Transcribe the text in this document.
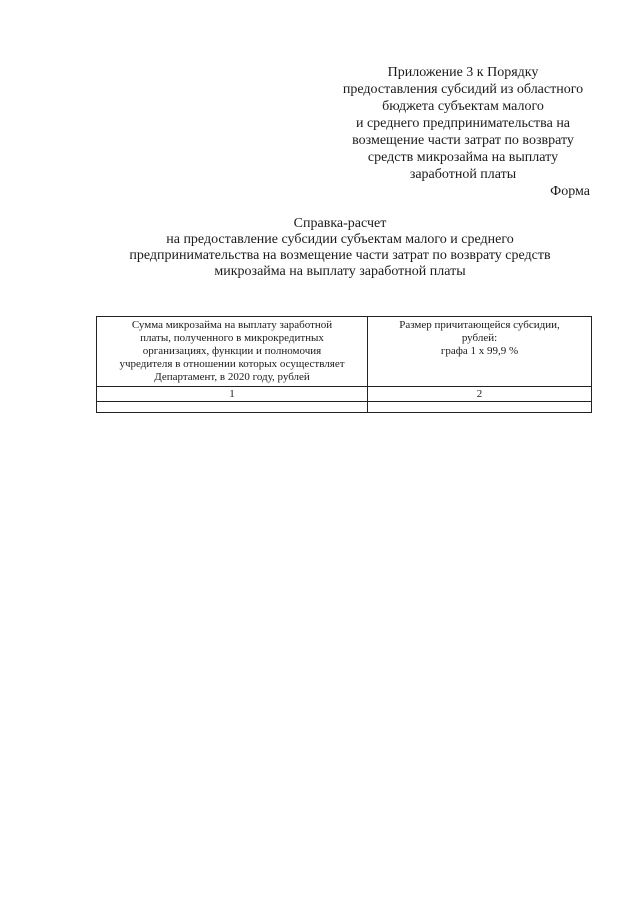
Приложение 3 к Порядку
предоставления субсидий из областного
бюджета субъектам малого
и среднего предпринимательства на
возмещение части затрат по возврату
средств микрозайма на выплату
заработной платы
Форма
Справка-расчет
на предоставление субсидии субъектам малого и среднего
предпринимательства на возмещение части затрат по возврату средств
микрозайма на выплату заработной платы
Сумма микрозайма на выплату заработной
платы, полученного в микрокредитных
организациях, функции и полномочия
учредителя в отношении которых осуществляет
Департамент, в 2020 году, рублей	Размер причитающейся субсидии,
рублей:
графа 1 х 99,9 %

1	2
